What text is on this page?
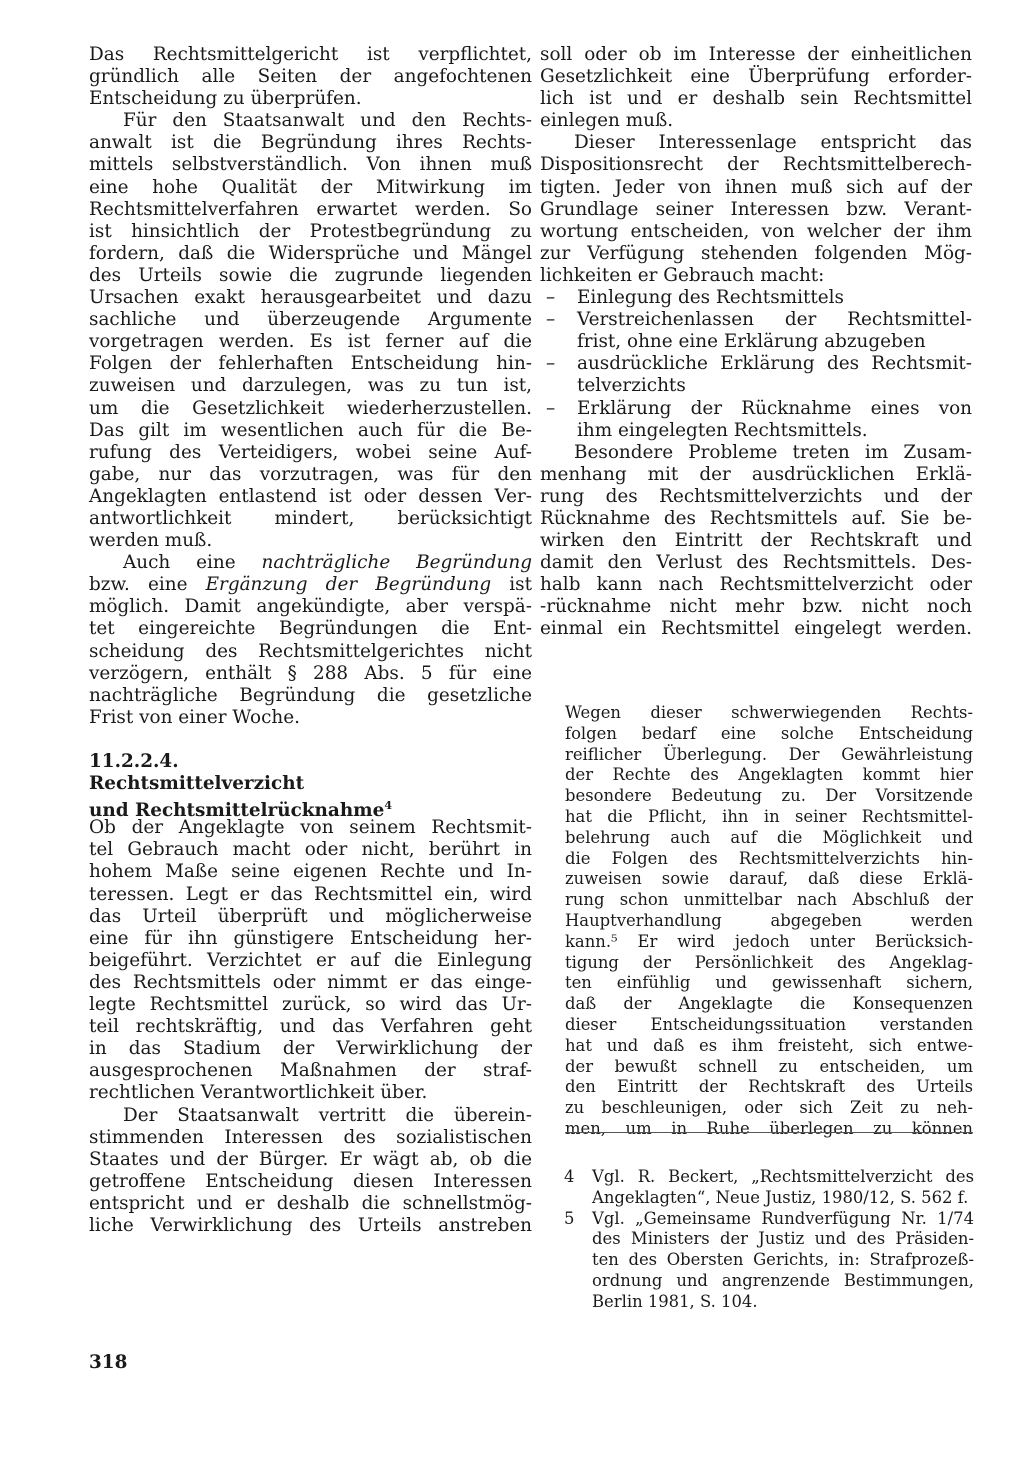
Das Rechtsmittelgericht ist verpflichtet,
gründlich alle Seiten der angefochtenen
Entscheidung zu überprüfen.
Für den Staatsanwalt und den Rechts-
anwalt ist die Begründung ihres Rechts-
mittels selbstverständlich. Von ihnen muß
eine hohe Qualität der Mitwirkung im
Rechtsmittelverfahren erwartet werden. So
ist hinsichtlich der Protestbegründung zu
fordern, daß die Widersprüche und Mängel
des Urteils sowie die zugrunde liegenden
Ursachen exakt herausgearbeitet und dazu
sachliche und überzeugende Argumente
vorgetragen werden. Es ist ferner auf die
Folgen der fehlerhaften Entscheidung hin-
zuweisen und darzulegen, was zu tun ist,
um die Gesetzlichkeit wiederherzustellen.
Das gilt im wesentlichen auch für die Be-
rufung des Verteidigers, wobei seine Auf-
gabe, nur das vorzutragen, was für den
Angeklagten entlastend ist oder dessen Ver-
antwortlichkeit mindert, berücksichtigt
werden muß.
Auch eine nachträgliche Begründung
bzw. eine Ergänzung der Begründung ist
möglich. Damit angekündigte, aber verspä-
tet eingereichte Begründungen die Ent-
scheidung des Rechtsmittelgerichtes nicht
verzögern, enthält § 288 Abs. 5 für eine
nachträgliche Begründung die gesetzliche
Frist von einer Woche.
11.2.2.4.
Rechtsmittelverzicht
und Rechtsmittelrücknahme$^4$
Ob der Angeklagte von seinem Rechtsmit-
tel Gebrauch macht oder nicht, berührt in
hohem Maße seine eigenen Rechte und In-
teressen. Legt er das Rechtsmittel ein, wird
das Urteil überprüft und möglicherweise
eine für ihn günstigere Entscheidung her-
beigeführt. Verzichtet er auf die Einlegung
des Rechtsmittels oder nimmt er das einge-
legte Rechtsmittel zurück, so wird das Ur-
teil rechtskräftig, und das Verfahren geht
in das Stadium der Verwirklichung der
ausgesprochenen Maßnahmen der straf-
rechtlichen Verantwortlichkeit über.
Der Staatsanwalt vertritt die überein-
stimmenden Interessen des sozialistischen
Staates und der Bürger. Er wägt ab, ob die
getroffene Entscheidung diesen Interessen
entspricht und er deshalb die schnellstmög-
liche Verwirklichung des Urteils anstreben
soll oder ob im Interesse der einheitlichen
Gesetzlichkeit eine Überprüfung erforder-
lich ist und er deshalb sein Rechtsmittel
einlegen muß.
Dieser Interessenlage entspricht das
Dispositionsrecht der Rechtsmittelberech-
tigten. Jeder von ihnen muß sich auf der
Grundlage seiner Interessen bzw. Verant-
wortung entscheiden, von welcher der ihm
zur Verfügung stehenden folgenden Mög-
lichkeiten er Gebrauch macht:
– Einlegung des Rechtsmittels
– Verstreichenlassen der Rechtsmittel-
frist, ohne eine Erklärung abzugeben
– ausdrückliche Erklärung des Rechtsmit-
telverzichts
– Erklärung der Rücknahme eines von
ihm eingelegten Rechtsmittels.
Besondere Probleme treten im Zusam-
menhang mit der ausdrücklichen Erklä-
rung des Rechtsmittelverzichts und der
Rücknahme des Rechtsmittels auf. Sie be-
wirken den Eintritt der Rechtskraft und
damit den Verlust des Rechtsmittels. Des-
halb kann nach Rechtsmittelverzicht oder
-rücknahme nicht mehr bzw. nicht noch
einmal ein Rechtsmittel eingelegt werden.
Wegen dieser schwerwiegenden Rechts-
folgen bedarf eine solche Entscheidung
reiflicher Überlegung. Der Gewährleistung
der Rechte des Angeklagten kommt hier
besondere Bedeutung zu. Der Vorsitzende
hat die Pflicht, ihn in seiner Rechtsmittel-
belehrung auch auf die Möglichkeit und
die Folgen des Rechtsmittelverzichts hin-
zuweisen sowie darauf, daß diese Erklä-
rung schon unmittelbar nach Abschluß der
Hauptverhandlung abgegeben werden
kann.⁵ Er wird jedoch unter Berücksich-
tigung der Persönlichkeit des Angeklag-
ten einfühlig und gewissenhaft sichern,
daß der Angeklagte die Konsequenzen
dieser Entscheidungssituation verstanden
hat und daß es ihm freisteht, sich entwe-
der bewußt schnell zu entscheiden, um
den Eintritt der Rechtskraft des Urteils
zu beschleunigen, oder sich Zeit zu neh-
men, um in Ruhe überlegen zu können
4 Vgl. R. Beckert, „Rechtsmittelverzicht des
Angeklagten“, Neue Justiz, 1980/12, S. 562 f.
5 Vgl. „Gemeinsame Rundverfügung Nr. 1/74
des Ministers der Justiz und des Präsiden-
ten des Obersten Gerichts, in: Strafprozeß-
ordnung und angrenzende Bestimmungen,
Berlin 1981, S. 104.
318
